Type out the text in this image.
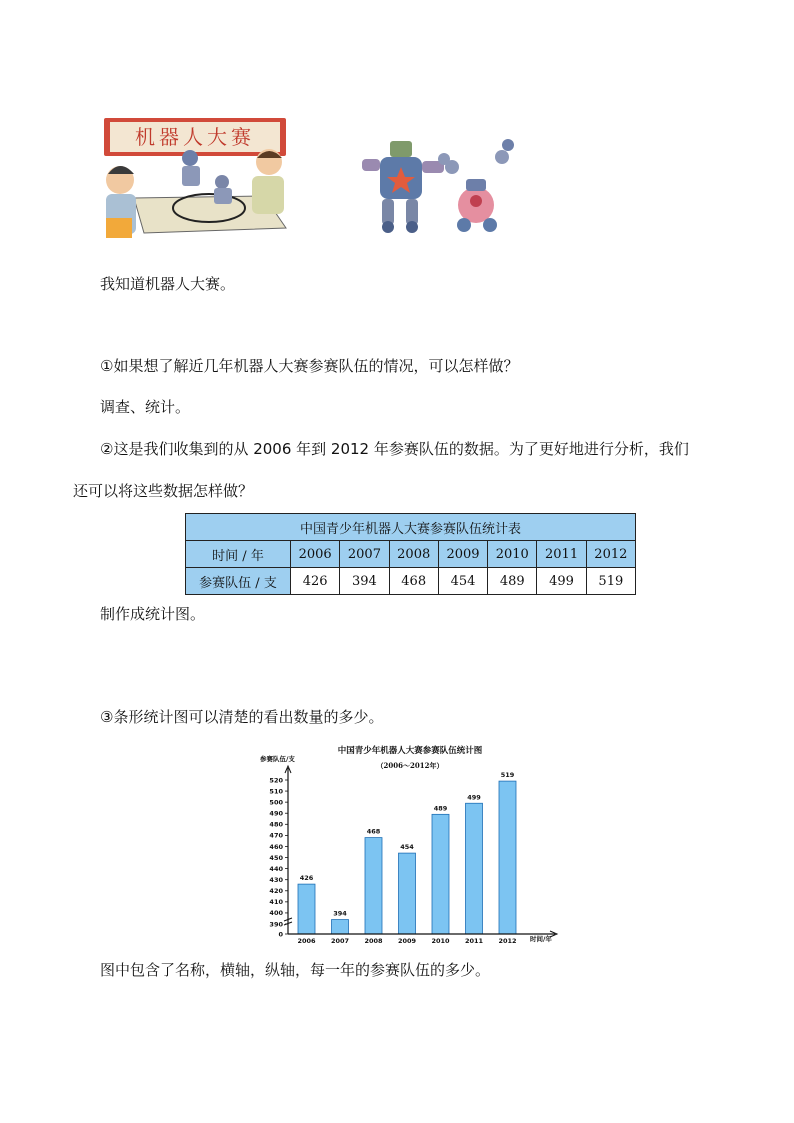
机器人大赛
我知道机器人大赛。
①如果想了解近几年机器人大赛参赛队伍的情况，可以怎样做？
调查、统计。
②这是我们收集到的从 2006 年到 2012 年参赛队伍的数据。为了更好地进行分析，我们
还可以将这些数据怎样做？
中国青少年机器人大赛参赛队伍统计表							
时间 / 年	2006	2007	2008	2009	2010	2011	2012
参赛队伍 / 支	426	394	468	454	489	499	519
制作成统计图。
③条形统计图可以清楚的看出数量的多少。
中国青少年机器人大赛参赛队伍统计图
（2006～2012年）
参赛队伍/支
时间/年
0
390
400
410
420
430
440
450
460
470
480
490
500
510
520
426
394
468
454
489
499
519
2006 2007 2008 2009 2010 2011 2012
图中包含了名称，横轴，纵轴，每一年的参赛队伍的多少。
